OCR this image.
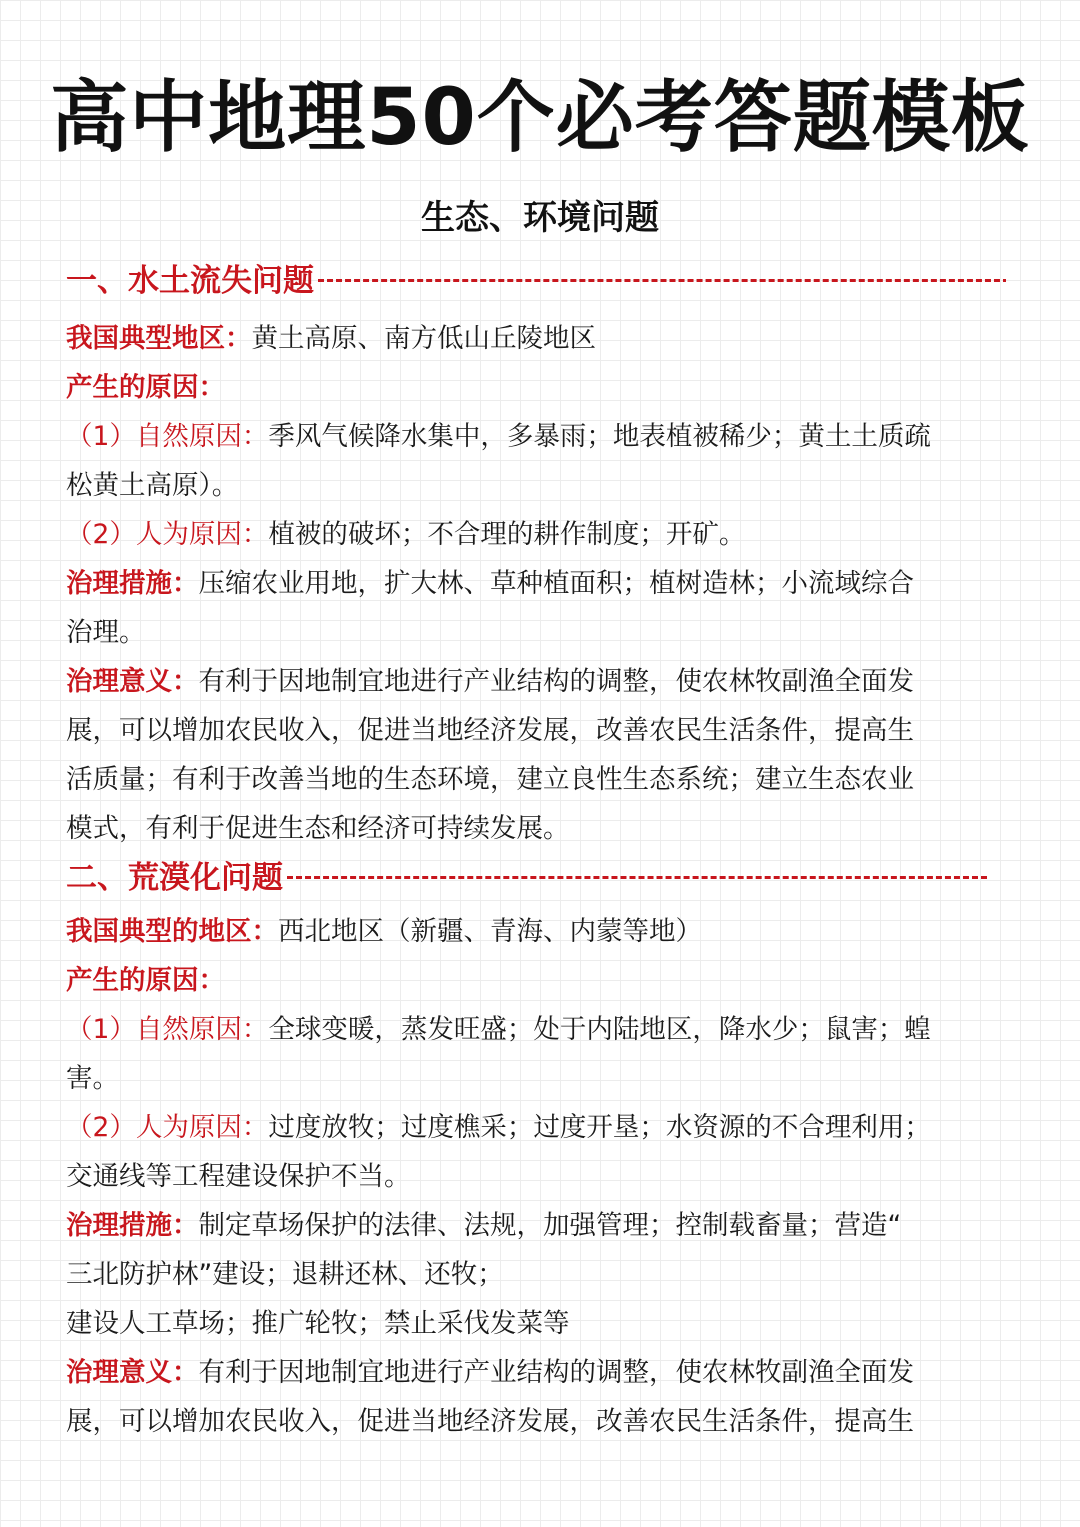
高中地理50个必考答题模板
生态、环境问题
一、水土流失问题
我国典型地区：黄土高原、南方低山丘陵地区
产生的原因：
（1）自然原因：季风气候降水集中，多暴雨；地表植被稀少；黄土土质疏
松黄土高原）。
（2）人为原因：植被的破坏；不合理的耕作制度；开矿。
治理措施：压缩农业用地，扩大林、草种植面积；植树造林；小流域综合
治理。
治理意义：有利于因地制宜地进行产业结构的调整，使农林牧副渔全面发
展，可以增加农民收入，促进当地经济发展，改善农民生活条件，提高生
活质量；有利于改善当地的生态环境，建立良性生态系统；建立生态农业
模式，有利于促进生态和经济可持续发展。
二、荒漠化问题
我国典型的地区：西北地区（新疆、青海、内蒙等地）
产生的原因：
（1）自然原因：全球变暖，蒸发旺盛；处于内陆地区，降水少；鼠害；蝗
害。
（2）人为原因：过度放牧；过度樵采；过度开垦；水资源的不合理利用；
交通线等工程建设保护不当。
治理措施：制定草场保护的法律、法规，加强管理；控制载畜量；营造“
三北防护林”建设；退耕还林、还牧；
建设人工草场；推广轮牧；禁止采伐发菜等
治理意义：有利于因地制宜地进行产业结构的调整，使农林牧副渔全面发
展，可以增加农民收入，促进当地经济发展，改善农民生活条件，提高生
